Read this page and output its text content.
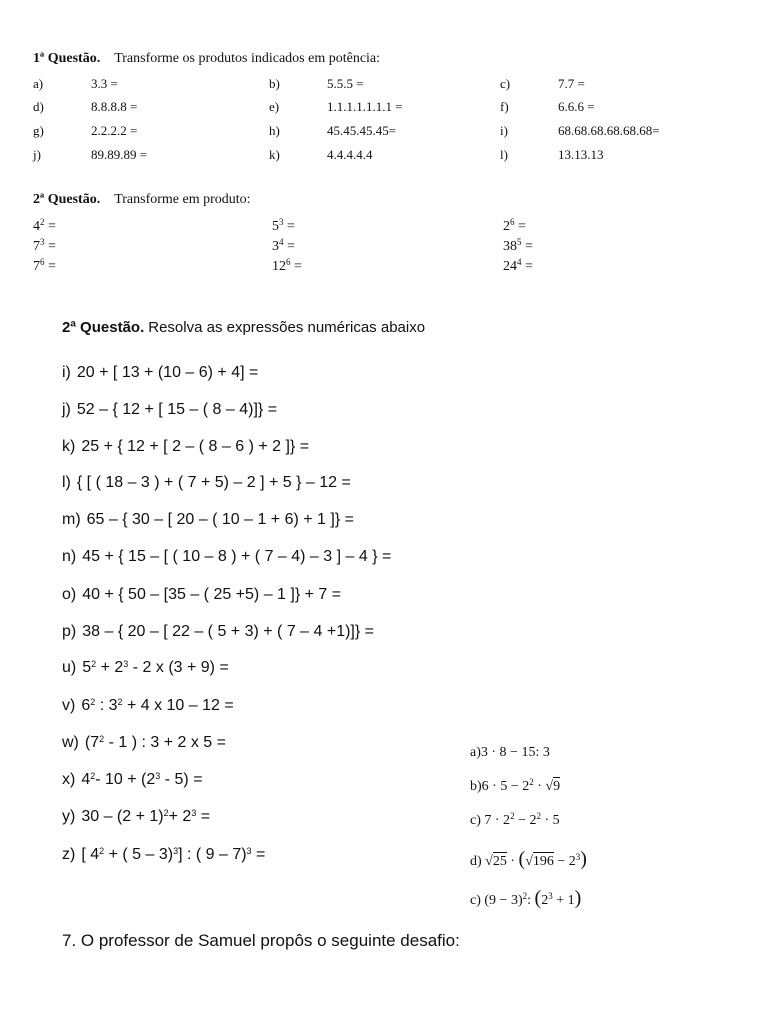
1ª Questão. Transforme os produtos indicados em potência:
a)	3.3 =	b)	5.5.5 =	c)	7.7 =
d)	8.8.8.8 =	e)	1.1.1.1.1.1.1 =	f)	6.6.6 =
g)	2.2.2.2 =	h)	45.45.45.45=	i)	68.68.68.68.68.68=
j)	89.89.89 =	k)	4.4.4.4.4	l)	13.13.13
2ª Questão. Transforme em produto:
$4^2$ =	$5^3$ =	$2^6$ =
$7^3$ =	$3^4$ =	$38^5$ =
$7^6$ =	$12^6$ =	$24^4$ =
2ª Questão. Resolva as expressões numéricas abaixo
i) 20 + [ 13 + (10 – 6) + 4] =
j) 52 – { 12 + [ 15 – ( 8 – 4)]} =
k) 25 + { 12 + [ 2 – ( 8 – 6 ) + 2 ]} =
l) { [ ( 18 – 3 ) + ( 7 + 5) – 2 ] + 5 } – 12 =
m) 65 – { 30 – [ 20 – ( 10 – 1 + 6) + 1 ]} =
n) 45 + { 15 – [ ( 10 – 8 ) + ( 7 – 4) – 3 ] – 4 } =
o) 40 + { 50 – [35 – ( 25 +5) – 1 ]} + 7 =
p) 38 – { 20 – [ 22 – ( 5 + 3) + ( 7 – 4 +1)]} =
u) $5^2 + 2^3 - 2$ x (3 + 9) =
v) $6^2$ : $3^2 + 4$ x 10 – 12 =
w) ($7^2 - 1$ ) : 3 + 2 x 5 =
x) $4^2-$ $10 + (2^3 - 5)$ =
y) $30 - (2 + 1)^2+ 2^3$ =
z) [ $4^2$ + ( 5 – 3)$^3$] : ( 9 – 7)$^3$ =
a)3 · 8 − 15: 3
$b)6 \cdot 5 - 2^2 \cdot √9$
c) $7 \cdot 2^2 - 2^2 \cdot 5$
d) $√25 \cdot (√196 - 2^3)$
c) $(9 - 3)^2$: $(2^3 + 1)$
7. O professor de Samuel propôs o seguinte desafio:
